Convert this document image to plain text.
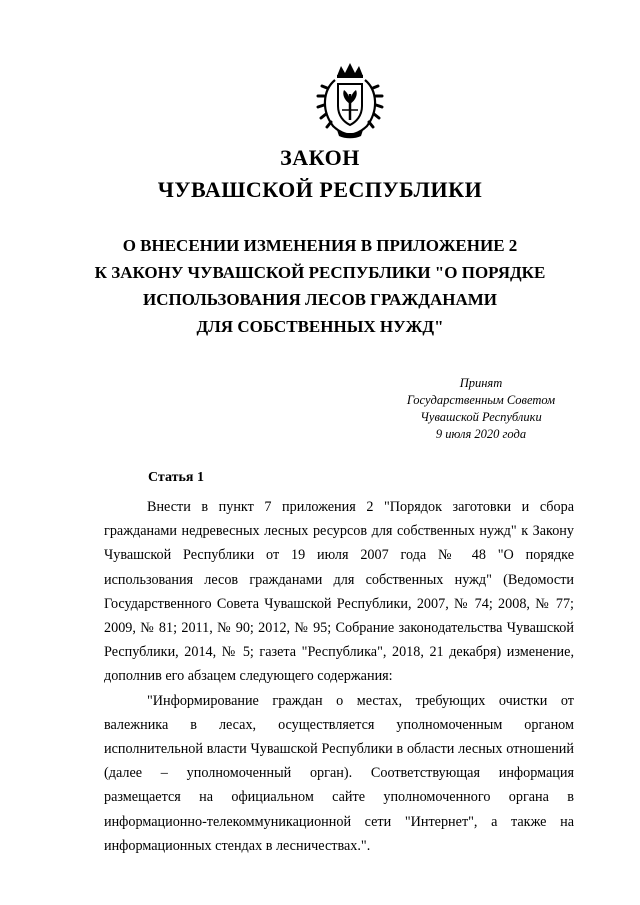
ЗАКОН
ЧУВАШСКОЙ РЕСПУБЛИКИ
О ВНЕСЕНИИ ИЗМЕНЕНИЯ В ПРИЛОЖЕНИЕ 2
К ЗАКОНУ ЧУВАШСКОЙ РЕСПУБЛИКИ "О ПОРЯДКЕ
ИСПОЛЬЗОВАНИЯ ЛЕСОВ ГРАЖДАНАМИ
ДЛЯ СОБСТВЕННЫХ НУЖД"
Принят
Государственным Советом
Чувашской Республики
9 июля 2020 года
Статья 1

Внести в пункт 7 приложения 2 "Порядок заготовки и сбора гражданами недревесных лесных ресурсов для собственных нужд" к Закону Чувашской Республики от 19 июля 2007 года № 48 "О порядке использования лесов гражданами для собственных нужд" (Ведомости Государственного Совета Чувашской Республики, 2007, № 74; 2008, № 77; 2009, № 81; 2011, № 90; 2012, № 95; Собрание законодательства Чувашской Республики, 2014, № 5; газета "Республика", 2018, 21 декабря) изменение, дополнив его абзацем следующего содержания:

"Информирование граждан о местах, требующих очистки от валежника в лесах, осуществляется уполномоченным органом исполнительной власти Чувашской Республики в области лесных отношений (далее – уполномоченный орган). Соответствующая информация размещается на официальном сайте уполномоченного органа в информационно-телекоммуникационной сети "Интернет", а также на информационных стендах в лесничествах.".
